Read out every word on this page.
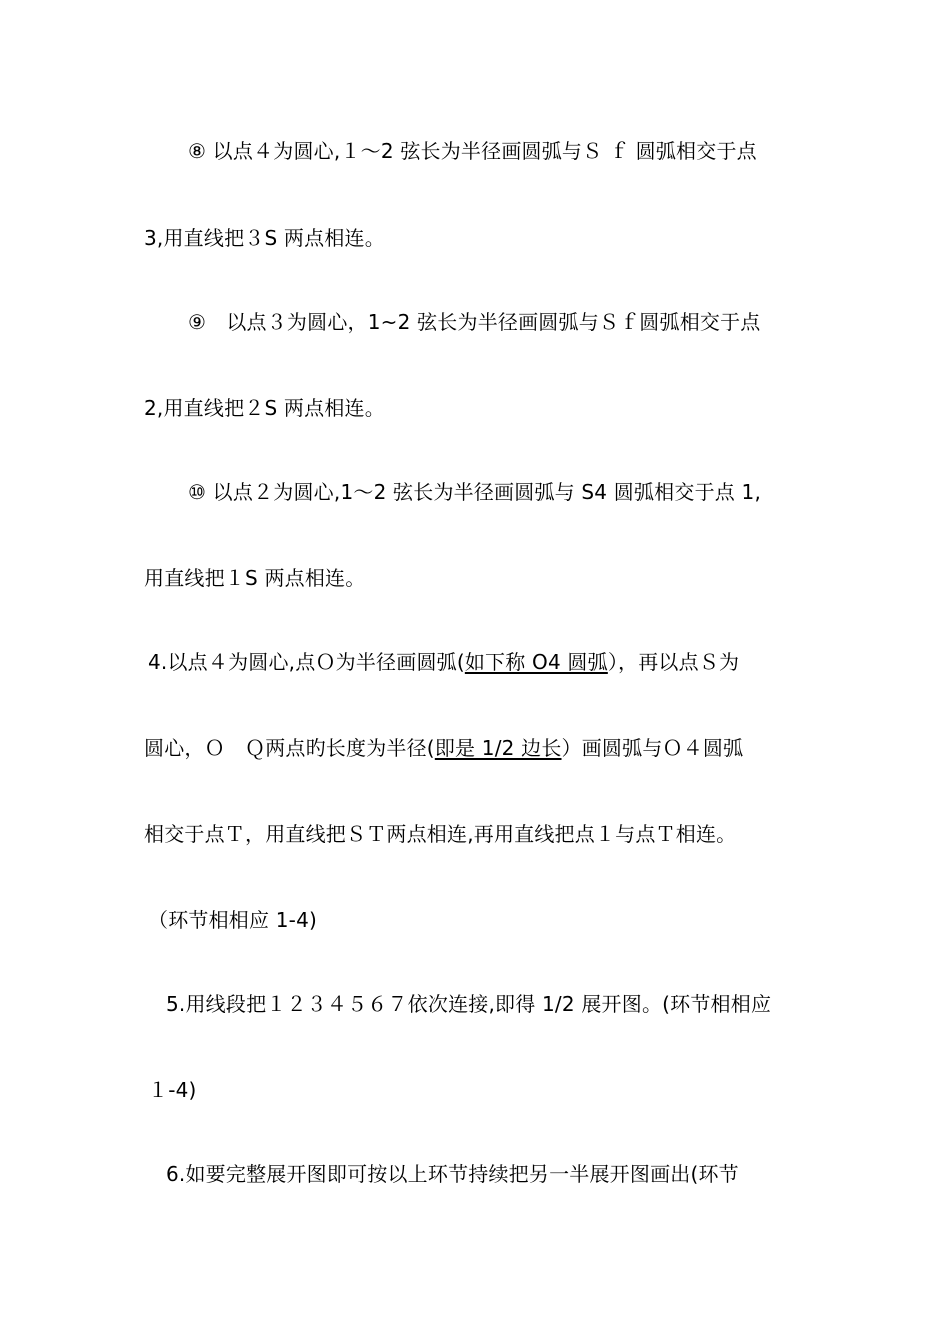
⑧ 以点４为圆心,１～2 弦长为半径画圆弧与Ｓ ｆ 圆弧相交于点
3,用直线把３S 两点相连。
⑨　以点３为圆心，1~2 弦长为半径画圆弧与Ｓｆ圆弧相交于点
2,用直线把２S 两点相连。
⑩ 以点２为圆心,1～2 弦长为半径画圆弧与 S4 圆弧相交于点 1,
用直线把１S 两点相连。
4.以点４为圆心,点Ｏ为半径画圆弧(如下称 O4 圆弧），再以点Ｓ为
圆心，Ｏ　Ｑ两点旳长度为半径(即是 1/2 边长）画圆弧与Ｏ４圆弧
相交于点Ｔ，用直线把ＳＴ两点相连,再用直线把点１与点Ｔ相连。
（环节相相应 1-4)
5.用线段把１２３４５６７依次连接,即得 1/2 展开图。(环节相相应
１-4)
6.如要完整展开图即可按以上环节持续把另一半展开图画出(环节
